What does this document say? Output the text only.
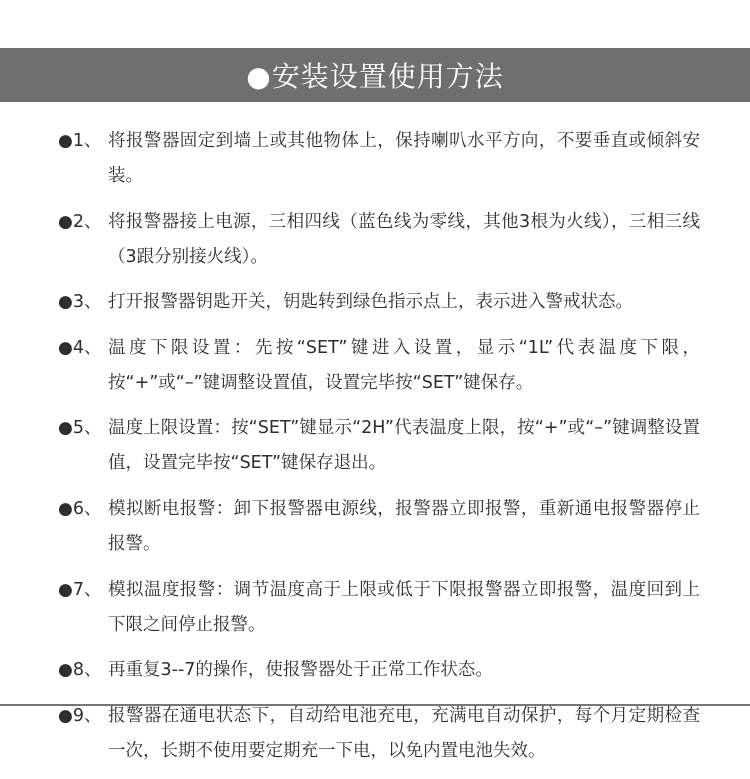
●安装设置使用方法
●1、 将报警器固定到墙上或其他物体上，保持喇叭水平方向，不要垂直或倾斜安装。
●2、 将报警器接上电源，三相四线（蓝色线为零线，其他3根为火线），三相三线（3跟分别接火线）。
●3、 打开报警器钥匙开关，钥匙转到绿色指示点上，表示进入警戒状态。
●4、 温度下限设置：先按“SET”键进入设置，显示“1L”代表温度下限，按“+”或“–”键调整设置值，设置完毕按“SET”键保存。
●5、 温度上限设置：按“SET”键显示“2H”代表温度上限，按“+”或“–”键调整设置值，设置完毕按“SET”键保存退出。
●6、 模拟断电报警：卸下报警器电源线，报警器立即报警，重新通电报警器停止报警。
●7、 模拟温度报警：调节温度高于上限或低于下限报警器立即报警，温度回到上下限之间停止报警。
●8、 再重复3--7的操作，使报警器处于正常工作状态。
●9、 报警器在通电状态下，自动给电池充电，充满电自动保护，每个月定期检查一次，长期不使用要定期充一下电，以免内置电池失效。
